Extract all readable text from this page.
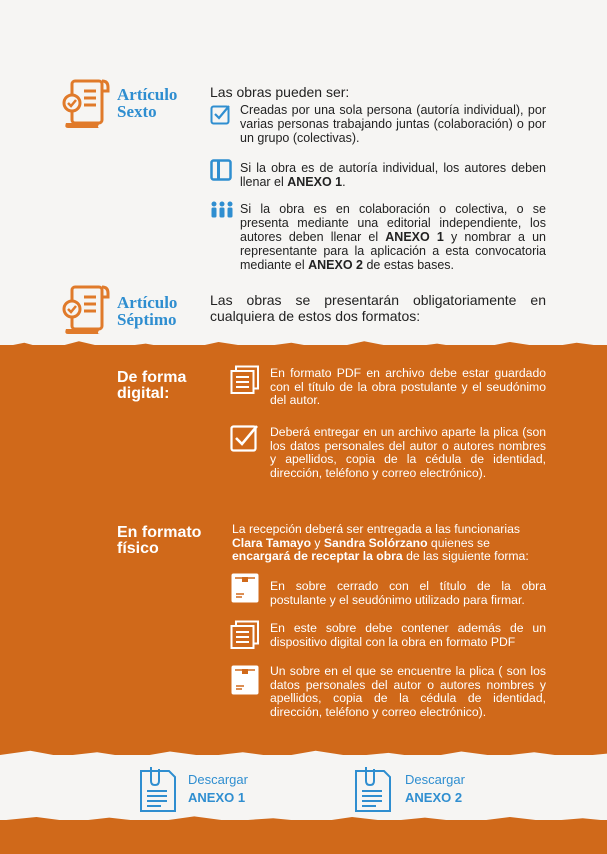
Artículo
Sexto
Las obras pueden ser:
Creadas por una sola persona (autoría individual), por varias personas trabajando juntas (colaboración) o por un grupo (colectivas).
Si la obra es de autoría individual, los autores deben llenar el ANEXO 1.
Si la obra es en colaboración o colectiva, o se presenta mediante una editorial independiente, los autores deben llenar el ANEXO 1 y nombrar a un representante para la aplicación a esta convocatoria mediante el ANEXO 2 de estas bases.
Artículo
Séptimo
Las obras se presentarán obligatoriamente en cualquiera de estos dos formatos:
De forma
digital:
En formato PDF en archivo debe estar guardado con el título de la obra postulante y el seudónimo del autor.
Deberá entregar en un archivo aparte la plica (son los datos personales del autor o autores nombres y apellidos, copia de la cédula de identidad, dirección, teléfono y correo electrónico).
En formato
físico
La recepción deberá ser entregada a las funcionarias Clara Tamayo y Sandra Solórzano quienes se encargará de receptar la obra de las siguiente forma:
En sobre cerrado con el título de la obra postulante y el seudónimo utilizado para firmar.
En este sobre debe contener además de un dispositivo digital con la obra en formato PDF
Un sobre en el que se encuentre la plica ( son los datos personales del autor o autores nombres y apellidos, copia de la cédula de identidad, dirección, teléfono y correo electrónico).
Descargar
ANEXO 1
Descargar
ANEXO 2
